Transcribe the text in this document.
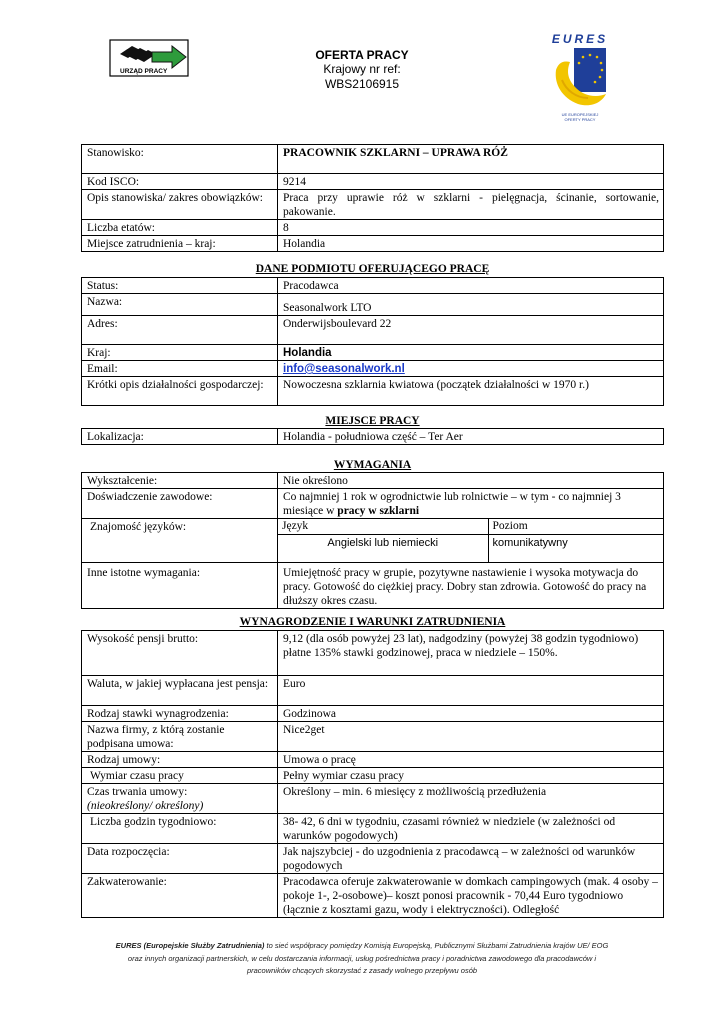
URZĄD PRACY
OFERTA PRACY
Krajowy nr ref:
WBS2106915
EURES
UE EUROPEJSKIEJ OFERTY PRACY
Stanowisko:	PRACOWNIK SZKLARNI – UPRAWA RÓŻ
Kod ISCO:	9214
Opis stanowiska/ zakres obowiązków:	Praca przy uprawie róż w szklarni - pielęgnacja, ścinanie, sortowanie, pakowanie.
Liczba etatów:	8
Miejsce zatrudnienia – kraj:	Holandia
DANE PODMIOTU OFERUJĄCEGO PRACĘ
Status:	Pracodawca
Nazwa:	Seasonalwork LTO
Adres:	Onderwijsboulevard 22
Kraj:	Holandia
Email:	info@seasonalwork.nl
Krótki opis działalności gospodarczej:	Nowoczesna szklarnia kwiatowa (początek działalności w 1970 r.)
MIEJSCE PRACY
Lokalizacja:	Holandia - południowa część – Ter Aer
WYMAGANIA
Wykształcenie:	Nie określono
Doświadczenie zawodowe:	Co najmniej 1 rok w ogrodnictwie lub rolnictwie – w tym - co najmniej 3 miesiące w pracy w szklarni
Znajomość języków:		Język	Poziom
Angielski lub niemiecki	komunikatywny

Inne istotne wymagania:	Umiejętność pracy w grupie, pozytywne nastawienie i wysoka motywacja do pracy. Gotowość do ciężkiej pracy. Dobry stan zdrowia. Gotowość do pracy na dłuższy okres czasu.
WYNAGRODZENIE I WARUNKI ZATRUDNIENIA
Wysokość pensji brutto:	9,12 (dla osób powyżej 23 lat), nadgodziny (powyżej 38 godzin tygodniowo) płatne 135% stawki godzinowej, praca w niedziele – 150%.
Waluta, w jakiej wypłacana jest pensja:	Euro
Rodzaj stawki wynagrodzenia:	Godzinowa
Nazwa firmy, z którą zostanie podpisana umowa:	Nice2get
Rodzaj umowy:	Umowa o pracę
Wymiar czasu pracy	Pełny wymiar czasu pracy

Czas trwania umowy:
(nieokreślony/ określony)	Określony – min. 6 miesięcy z możliwością przedłużenia
Liczba godzin tygodniowo:	38- 42, 6 dni w tygodniu, czasami również w niedziele (w zależności od warunków pogodowych)
Data rozpoczęcia:	Jak najszybciej - do uzgodnienia z pracodawcą – w zależności od warunków pogodowych
Zakwaterowanie:	Pracodawca oferuje zakwaterowanie w domkach campingowych (mak. 4 osoby – pokoje 1-, 2-osobowe)– koszt ponosi pracownik - 70,44 Euro tygodniowo (łącznie z kosztami gazu, wody i elektryczności). Odległość
EURES (Europejskie Służby Zatrudnienia) to sieć współpracy pomiędzy Komisją Europejską, Publicznymi Służbami Zatrudnienia krajów UE/ EOG
oraz innych organizacji partnerskich, w celu dostarczania informacji, usług pośrednictwa pracy i poradnictwa zawodowego dla pracodawców i
pracowników chcących skorzystać z zasady wolnego przepływu osób
